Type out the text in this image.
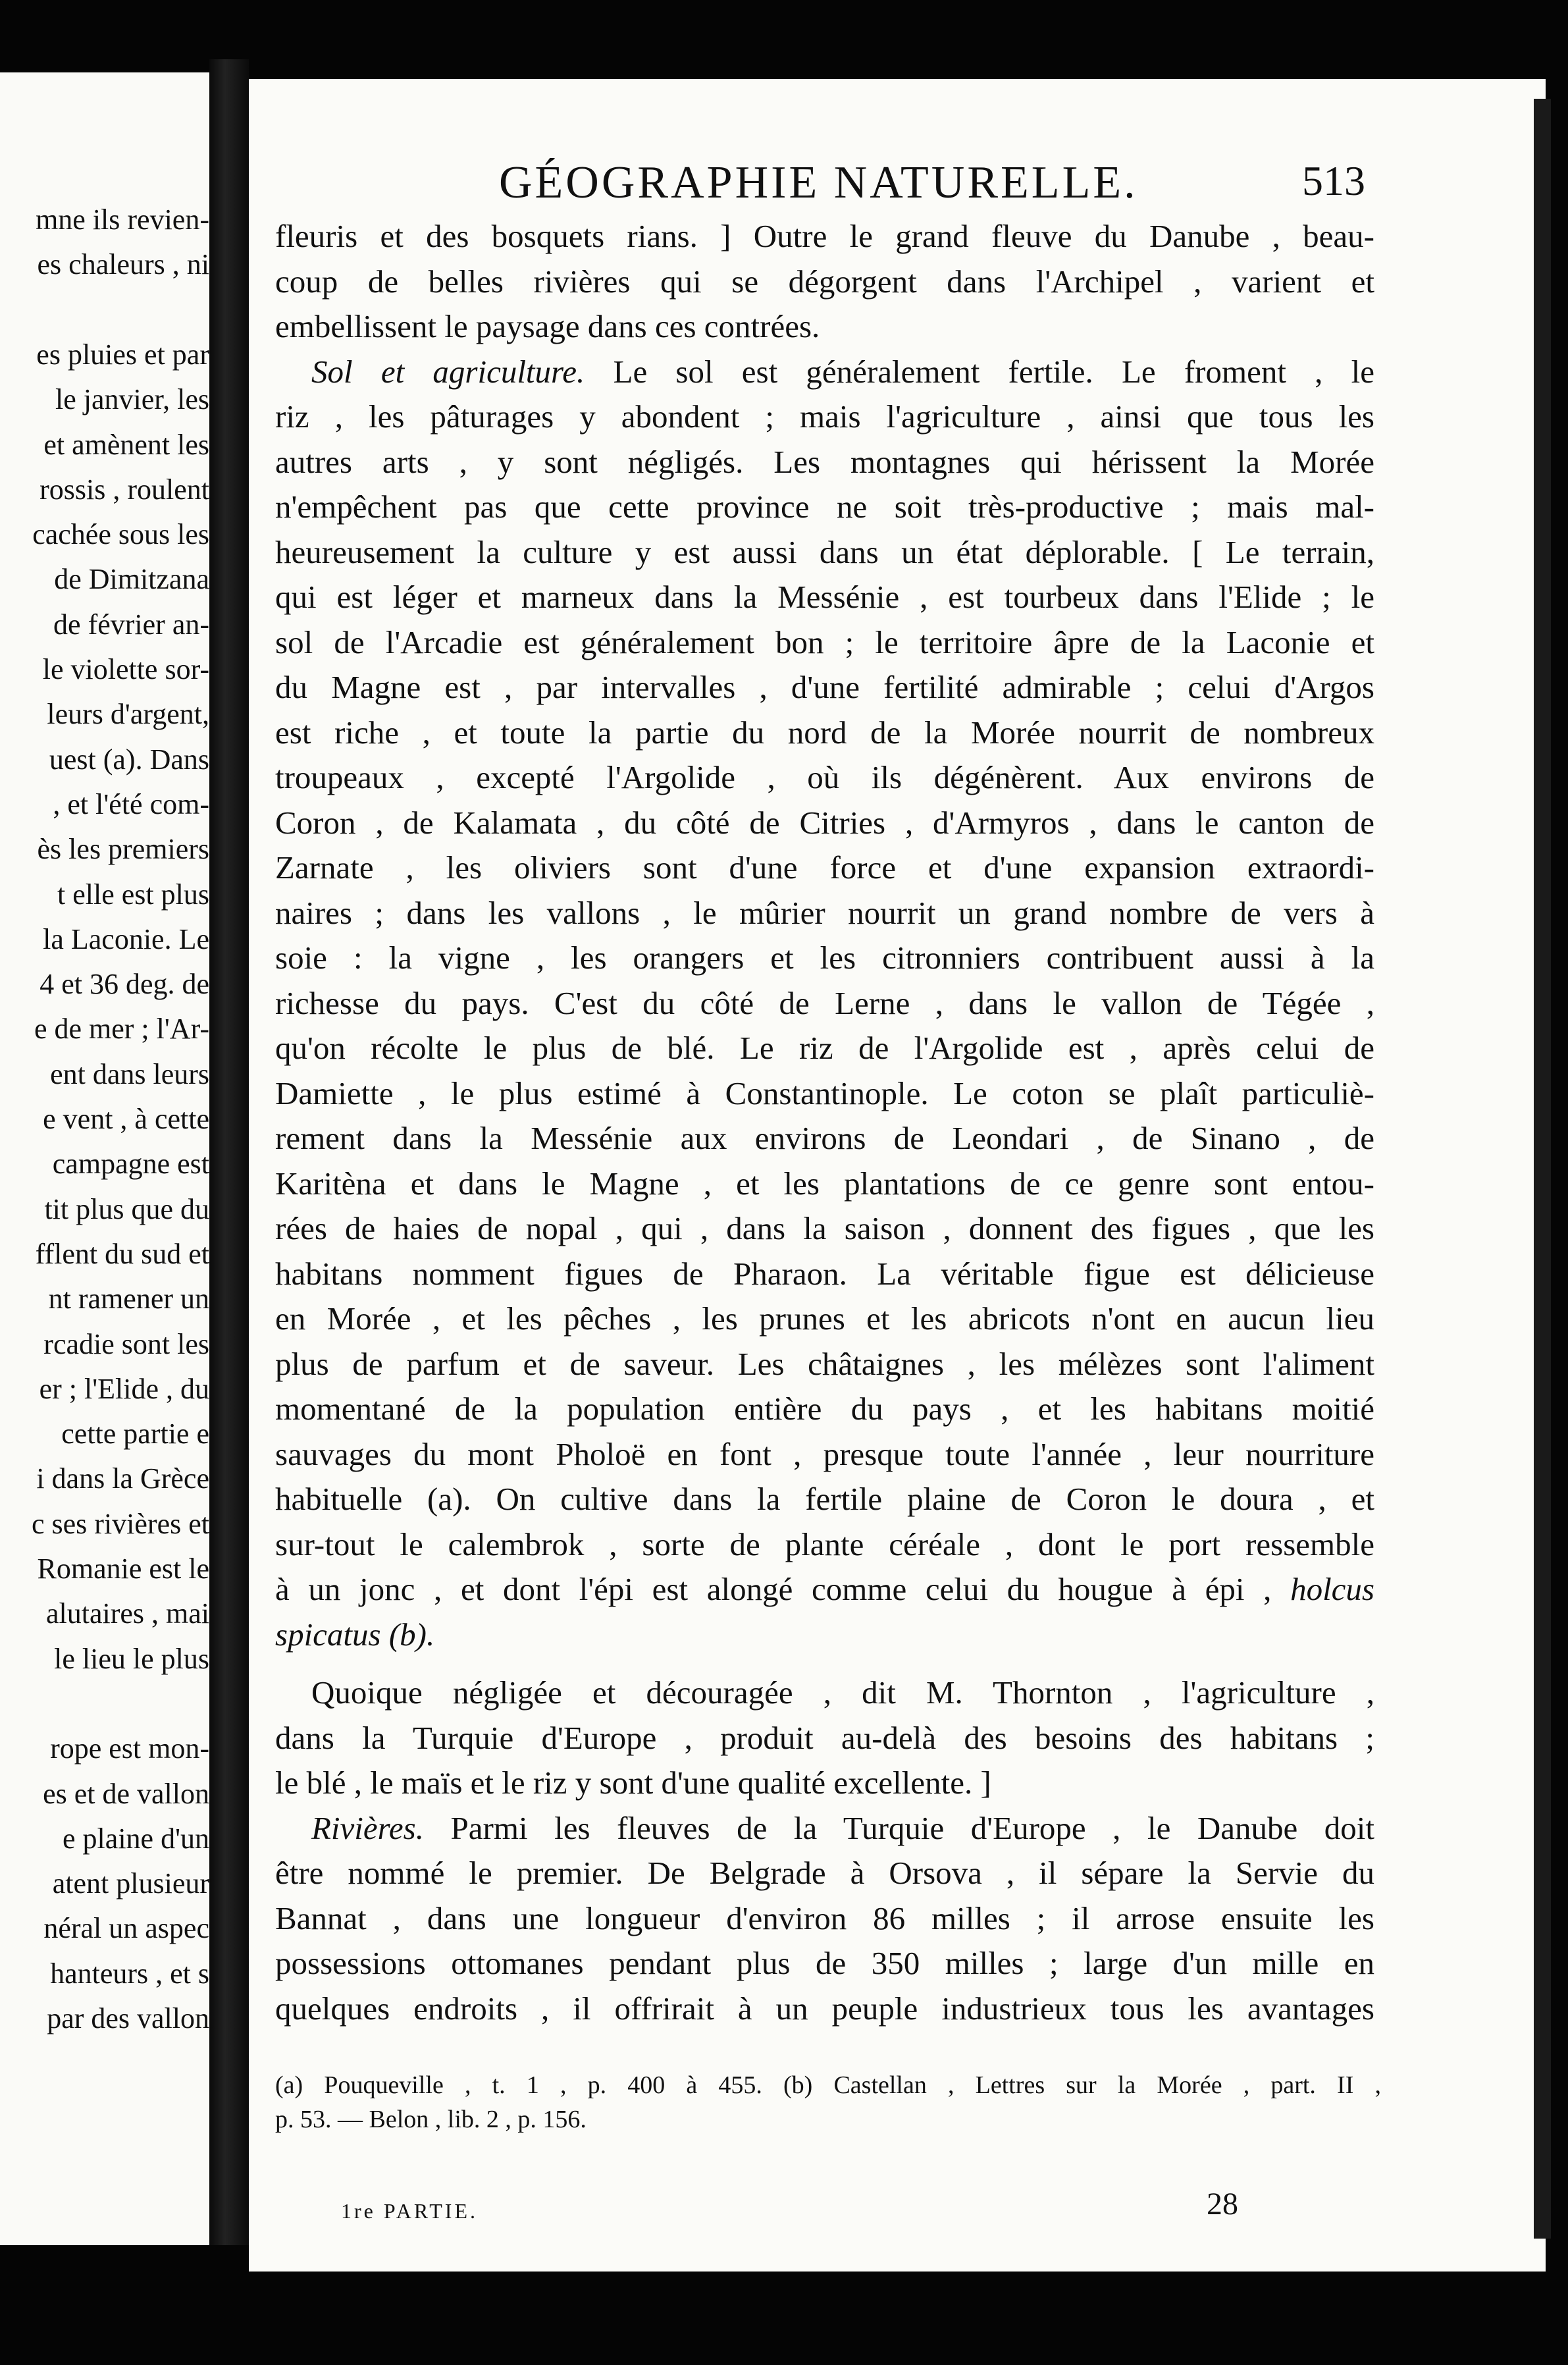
mne ils revien-
es chaleurs , ni
es pluies et par
le janvier, les
et amènent les
rossis , roulent
cachée sous les
de Dimitzana
de février an-
le violette sor-
leurs d'argent,
uest (a). Dans
, et l'été com-
ès les premiers
t elle est plus
la Laconie. Le
4 et 36 deg. de
e de mer ; l'Ar-
ent dans leurs
e vent , à cette
campagne est
tit plus que du
fflent du sud et
nt ramener un
rcadie sont les
er ; l'Elide , du
cette partie e
i dans la Grèce
c ses rivières et
Romanie est le
alutaires , mai
le lieu le plus
rope est mon-
es et de vallon
e plaine d'un
atent plusieur
néral un aspec
hanteurs , et s
par des vallon
GÉOGRAPHIE NATURELLE.	513
fleuris et des bosquets rians. ] Outre le grand fleuve du Danube , beau-
coup de belles rivières qui se dégorgent dans l'Archipel , varient et
embellissent le paysage dans ces contrées.
Sol et agriculture. Le sol est généralement fertile. Le froment , le
riz , les pâturages y abondent ; mais l'agriculture , ainsi que tous les
autres arts , y sont négligés. Les montagnes qui hérissent la Morée
n'empêchent pas que cette province ne soit très-productive ; mais mal-
heureusement la culture y est aussi dans un état déplorable. [ Le terrain,
qui est léger et marneux dans la Messénie , est tourbeux dans l'Elide ; le
sol de l'Arcadie est généralement bon ; le territoire âpre de la Laconie et
du Magne est , par intervalles , d'une fertilité admirable ; celui d'Argos
est riche , et toute la partie du nord de la Morée nourrit de nombreux
troupeaux , excepté l'Argolide , où ils dégénèrent. Aux environs de
Coron , de Kalamata , du côté de Citries , d'Armyros , dans le canton de
Zarnate , les oliviers sont d'une force et d'une expansion extraordi-
naires ; dans les vallons , le mûrier nourrit un grand nombre de vers à
soie : la vigne , les orangers et les citronniers contribuent aussi à la
richesse du pays. C'est du côté de Lerne , dans le vallon de Tégée ,
qu'on récolte le plus de blé. Le riz de l'Argolide est , après celui de
Damiette , le plus estimé à Constantinople. Le coton se plaît particuliè-
rement dans la Messénie aux environs de Leondari , de Sinano , de
Karitèna et dans le Magne , et les plantations de ce genre sont entou-
rées de haies de nopal , qui , dans la saison , donnent des figues , que les
habitans nomment figues de Pharaon. La véritable figue est délicieuse
en Morée , et les pêches , les prunes et les abricots n'ont en aucun lieu
plus de parfum et de saveur. Les châtaignes , les mélèzes sont l'aliment
momentané de la population entière du pays , et les habitans moitié
sauvages du mont Pholoë en font , presque toute l'année , leur nourriture
habituelle (a). On cultive dans la fertile plaine de Coron le doura , et
sur-tout le calembrok , sorte de plante céréale , dont le port ressemble
à un jonc , et dont l'épi est alongé comme celui du hougue à épi , holcus
spicatus (b).
Quoique négligée et découragée , dit M. Thornton , l'agriculture ,
dans la Turquie d'Europe , produit au-delà des besoins des habitans ;
le blé , le maïs et le riz y sont d'une qualité excellente. ]
Rivières. Parmi les fleuves de la Turquie d'Europe , le Danube doit
être nommé le premier. De Belgrade à Orsova , il sépare la Servie du
Bannat , dans une longueur d'environ 86 milles ; il arrose ensuite les
possessions ottomanes pendant plus de 350 milles ; large d'un mille en
quelques endroits , il offrirait à un peuple industrieux tous les avantages
(a) Pouqueville , t. 1 , p. 400 à 455. (b) Castellan , Lettres sur la Morée , part. II ,
p. 53. — Belon , lib. 2 , p. 156.
1re PARTIE.	28
